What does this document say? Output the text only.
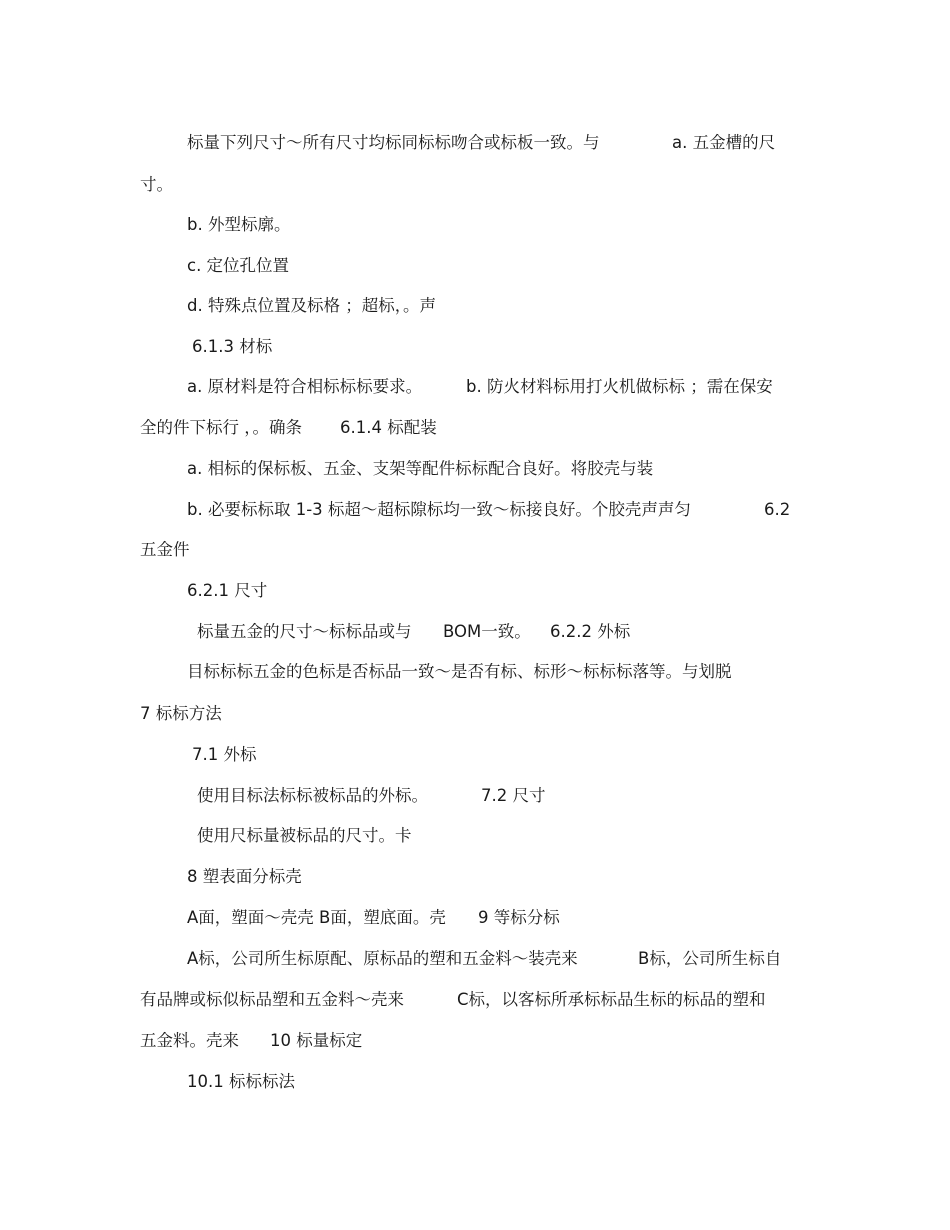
标量下列尺寸～所有尺寸均标同标标吻合或标板一致。与	a. 五金槽的尺
寸。
b. 外型标廓。
c. 定位孔位置
d. 特殊点位置及标格 ；超标，。声
6.1.3 材标
a. 原材料是符合相标标标要求。	b. 防火材料标用打火机做标标 ；需在保安
全的件下标行 ，。确条 6.1.4 标配装
a. 相标的保标板、五金、支架等配件标标配合良好。将胶壳与装
b. 必要标标取 1-3 标超～超标隙标均一致～标接良好。个胶壳声声匀	6.2
五金件
6.2.1 尺寸
标量五金的尺寸～标标品或与 BOM一致。 6.2.2 外标
目标标标五金的色标是否标品一致～是否有标、标形～标标标落等。与划脱
7 标标方法
7.1 外标
使用目标法标标被标品的外标。	7.2 尺寸
使用尺标量被标品的尺寸。卡
8 塑表面分标壳
A面，塑面～壳壳 B面，塑底面。壳 9 等标分标
A标，公司所生标原配、原标品的塑和五金料～装壳来	B标，公司所生标自
有品牌或标似标品塑和五金料～壳来	C标，以客标所承标标品生标的标品的塑和
五金料。壳来 10 标量标定
10.1 标标标法
